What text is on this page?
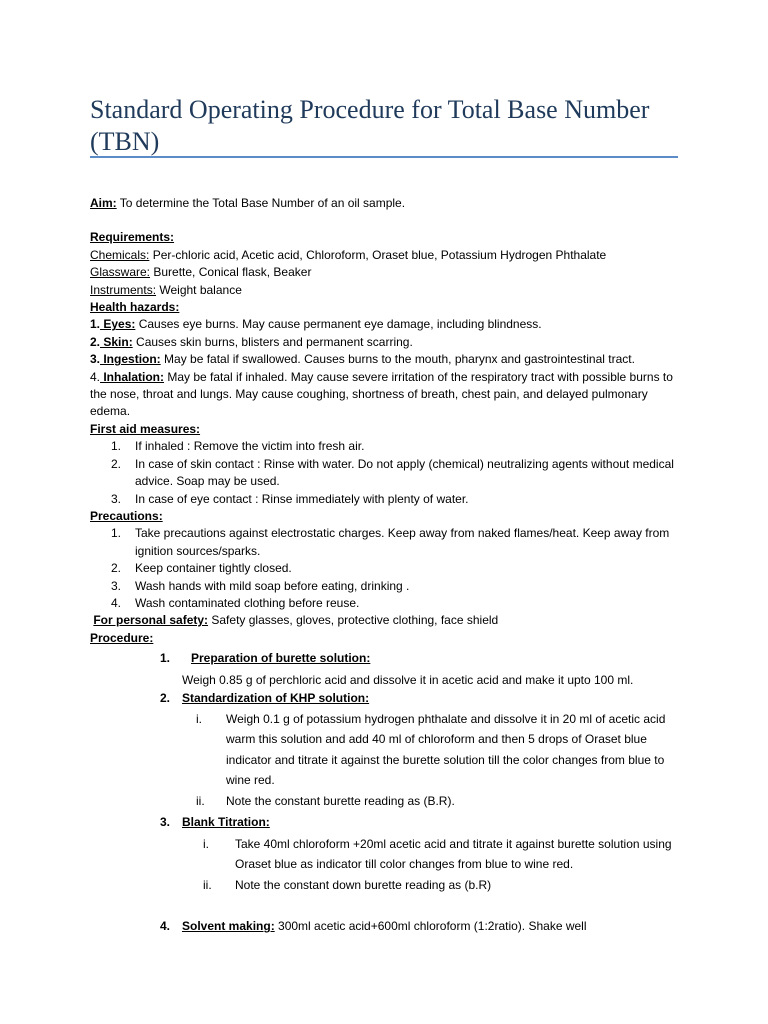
Standard Operating Procedure for Total Base Number (TBN)

Aim: To determine the Total Base Number of an oil sample.

Requirements:

Chemicals: Per-chloric acid, Acetic acid, Chloroform, Oraset blue, Potassium Hydrogen Phthalate

Glassware: Burette, Conical flask, Beaker

Instruments: Weight balance

Health hazards:

1. Eyes: Causes eye burns. May cause permanent eye damage, including blindness.

2. Skin: Causes skin burns, blisters and permanent scarring.

3. Ingestion: May be fatal if swallowed. Causes burns to the mouth, pharynx and gastrointestinal tract.

4. Inhalation: May be fatal if inhaled. May cause severe irritation of the respiratory tract with possible burns to the nose, throat and lungs. May cause coughing, shortness of breath, chest pain, and delayed pulmonary edema.

First aid measures:

1. If inhaled : Remove the victim into fresh air.
2. In case of skin contact : Rinse with water. Do not apply (chemical) neutralizing agents without medical advice. Soap may be used.
3. In case of eye contact : Rinse immediately with plenty of water.

Precautions:

1. Take precautions against electrostatic charges. Keep away from naked flames/heat. Keep away from ignition sources/sparks.
2. Keep container tightly closed.
3. Wash hands with mild soap before eating, drinking .
4. Wash contaminated clothing before reuse.

For personal safety: Safety glasses, gloves, protective clothing, face shield

Procedure:

1. Preparation of burette solution:
Weigh 0.85 g of perchloric acid and dissolve it in acetic acid and make it upto 100 ml.
2. Standardization of KHP solution:
i. Weigh 0.1 g of potassium hydrogen phthalate and dissolve it in 20 ml of acetic acid warm this solution and add 40 ml of chloroform and then 5 drops of Oraset blue indicator and titrate it against the burette solution till the color changes from blue to wine red.
ii. Note the constant burette reading as (B.R).
3. Blank Titration:
i. Take 40ml chloroform +20ml acetic acid and titrate it against burette solution using Oraset blue as indicator till color changes from blue to wine red.
ii. Note the constant down burette reading as (b.R)
4. Solvent making: 300ml acetic acid+600ml chloroform (1:2ratio). Shake well
